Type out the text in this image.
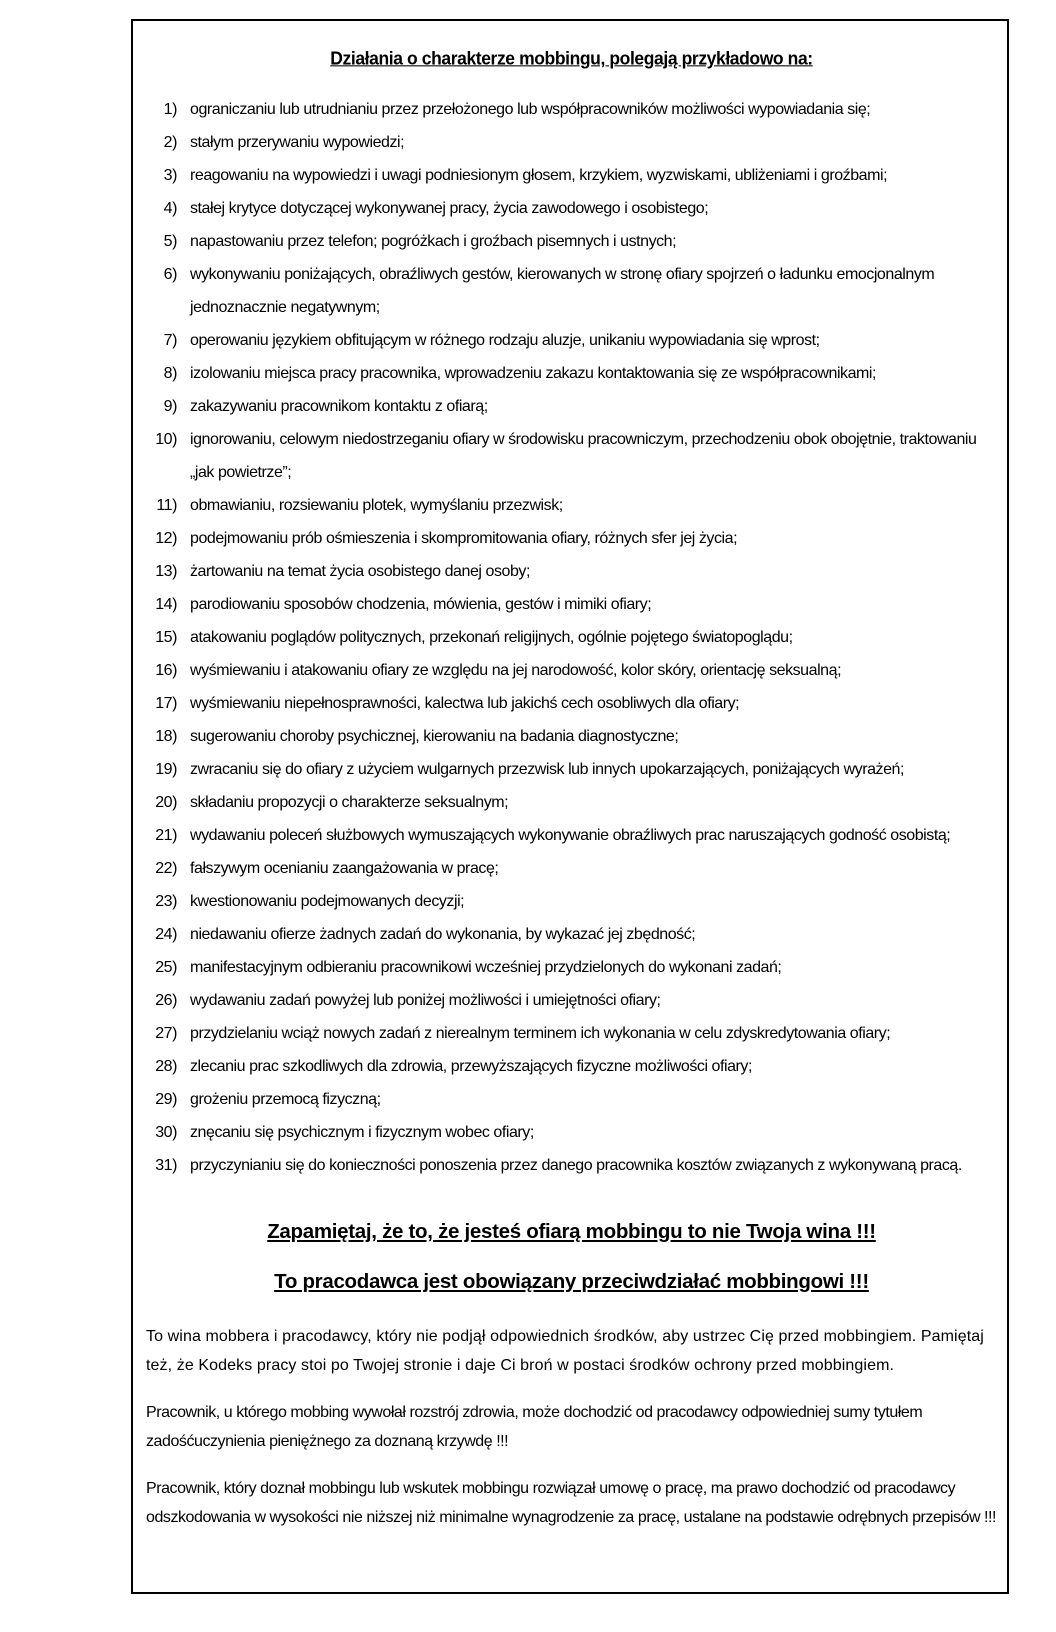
Działania o charakterze mobbingu, polegają przykładowo na:
1) ograniczaniu lub utrudnianiu przez przełożonego lub współpracowników możliwości wypowiadania się;
2) stałym przerywaniu wypowiedzi;
3) reagowaniu na wypowiedzi i uwagi podniesionym głosem, krzykiem, wyzwiskami, ubliżeniami i groźbami;
4) stałej krytyce dotyczącej wykonywanej pracy, życia zawodowego i osobistego;
5) napastowaniu przez telefon; pogróżkach i groźbach pisemnych i ustnych;
6) wykonywaniu poniżających, obraźliwych gestów, kierowanych w stronę ofiary spojrzeń o ładunku emocjonalnym jednoznacznie negatywnym;
7) operowaniu językiem obfitującym w różnego rodzaju aluzje, unikaniu wypowiadania się wprost;
8) izolowaniu miejsca pracy pracownika, wprowadzeniu zakazu kontaktowania się ze współpracownikami;
9) zakazywaniu pracownikom kontaktu z ofiarą;
10) ignorowaniu, celowym niedostrzeganiu ofiary w środowisku pracowniczym, przechodzeniu obok obojętnie, traktowaniu „jak powietrze”;
11) obmawianiu, rozsiewaniu plotek, wymyślaniu przezwisk;
12) podejmowaniu prób ośmieszenia i skompromitowania ofiary, różnych sfer jej życia;
13) żartowaniu na temat życia osobistego danej osoby;
14) parodiowaniu sposobów chodzenia, mówienia, gestów i mimiki ofiary;
15) atakowaniu poglądów politycznych, przekonań religijnych, ogólnie pojętego światopoglądu;
16) wyśmiewaniu i atakowaniu ofiary ze względu na jej narodowość, kolor skóry, orientację seksualną;
17) wyśmiewaniu niepełnosprawności, kalectwa lub jakichś cech osobliwych dla ofiary;
18) sugerowaniu choroby psychicznej, kierowaniu na badania diagnostyczne;
19) zwracaniu się do ofiary z użyciem wulgarnych przezwisk lub innych upokarzających, poniżających wyrażeń;
20) składaniu propozycji o charakterze seksualnym;
21) wydawaniu poleceń służbowych wymuszających wykonywanie obraźliwych prac naruszających godność osobistą;
22) fałszywym ocenianiu zaangażowania w pracę;
23) kwestionowaniu podejmowanych decyzji;
24) niedawaniu ofierze żadnych zadań do wykonania, by wykazać jej zbędność;
25) manifestacyjnym odbieraniu pracownikowi wcześniej przydzielonych do wykonani zadań;
26) wydawaniu zadań powyżej lub poniżej możliwości i umiejętności ofiary;
27) przydzielaniu wciąż nowych zadań z nierealnym terminem ich wykonania w celu zdyskredytowania ofiary;
28) zlecaniu prac szkodliwych dla zdrowia, przewyższających fizyczne możliwości ofiary;
29) grożeniu przemocą fizyczną;
30) znęcaniu się psychicznym i fizycznym wobec ofiary;
31) przyczynianiu się do konieczności ponoszenia przez danego pracownika kosztów związanych z wykonywaną pracą.
Zapamiętaj, że to, że jesteś ofiarą mobbingu to nie Twoja wina !!!
To pracodawca jest obowiązany przeciwdziałać mobbingowi !!!

To wina mobbera i pracodawcy, który nie podjął odpowiednich środków, aby ustrzec Cię przed mobbingiem. Pamiętaj też, że Kodeks pracy stoi po Twojej stronie i daje Ci broń w postaci środków ochrony przed mobbingiem.

Pracownik, u którego mobbing wywołał rozstrój zdrowia, może dochodzić od pracodawcy odpowiedniej sumy tytułem zadośćuczynienia pieniężnego za doznaną krzywdę !!!

Pracownik, który doznał mobbingu lub wskutek mobbingu rozwiązał umowę o pracę, ma prawo dochodzić od pracodawcy odszkodowania w wysokości nie niższej niż minimalne wynagrodzenie za pracę, ustalane na podstawie odrębnych przepisów !!!
